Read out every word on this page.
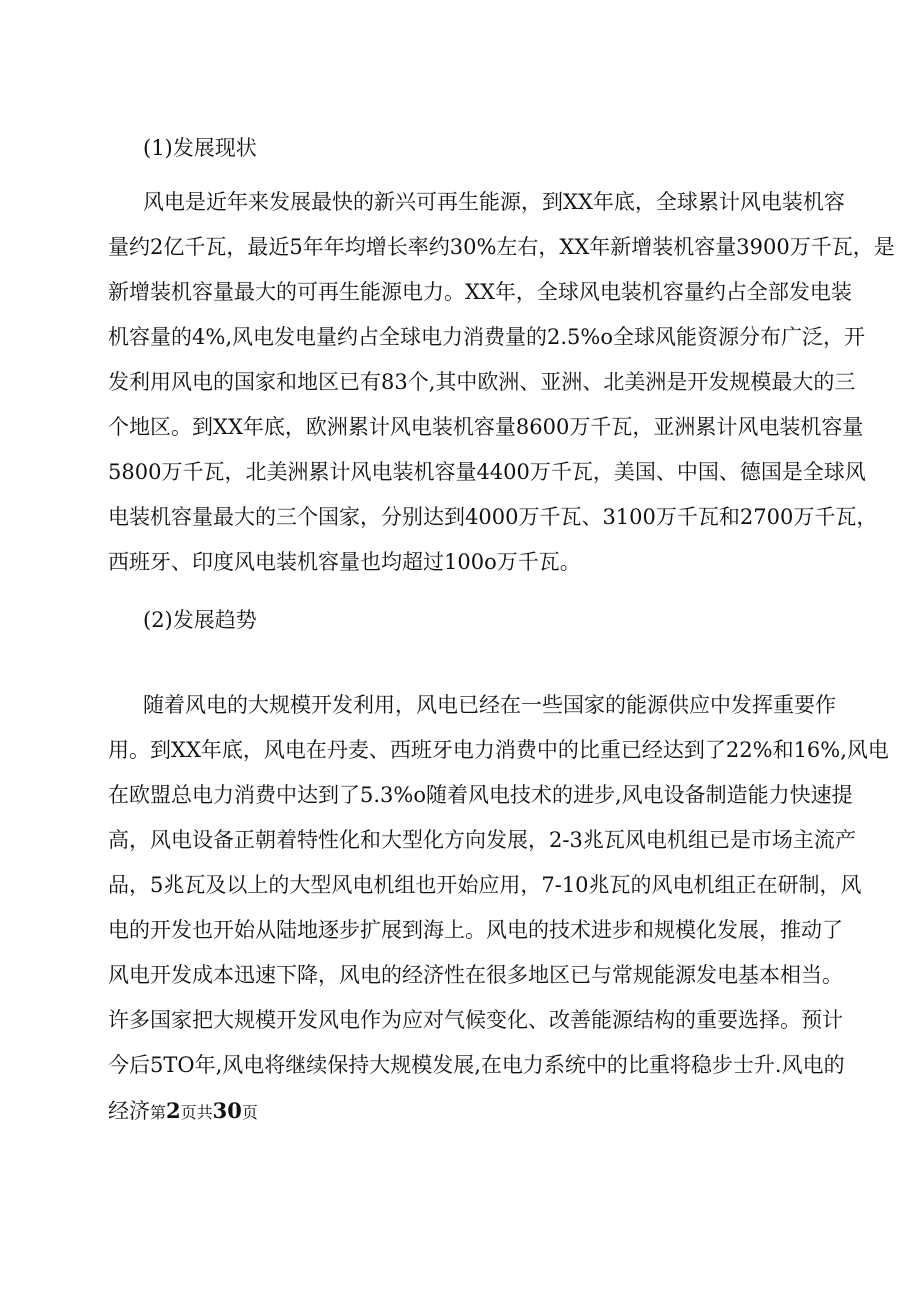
(1)发展现状
风电是近年来发展最快的新兴可再生能源，到XX年底，全球累计风电装机容
量约2亿千瓦，最近5年年均增长率约30%左右，XX年新增装机容量3900万千瓦，是
新增装机容量最大的可再生能源电力。XX年，全球风电装机容量约占全部发电装
机容量的4%,风电发电量约占全球电力消费量的2.5%o全球风能资源分布广泛，开
发利用风电的国家和地区已有83个,其中欧洲、亚洲、北美洲是开发规模最大的三
个地区。到XX年底，欧洲累计风电装机容量8600万千瓦，亚洲累计风电装机容量
5800万千瓦，北美洲累计风电装机容量4400万千瓦，美国、中国、德国是全球风
电装机容量最大的三个国家，分别达到4000万千瓦、3100万千瓦和2700万千瓦，
西班牙、印度风电装机容量也均超过100o万千瓦。
(2)发展趋势
随着风电的大规模开发利用，风电已经在一些国家的能源供应中发挥重要作
用。到XX年底，风电在丹麦、西班牙电力消费中的比重已经达到了22%和16%,风电
在欧盟总电力消费中达到了5.3%o随着风电技术的进步,风电设备制造能力快速提
高，风电设备正朝着特性化和大型化方向发展，2-3兆瓦风电机组已是市场主流产
品，5兆瓦及以上的大型风电机组也开始应用，7-10兆瓦的风电机组正在研制，风
电的开发也开始从陆地逐步扩展到海上。风电的技术进步和规模化发展，推动了
风电开发成本迅速下降，风电的经济性在很多地区已与常规能源发电基本相当。
许多国家把大规模开发风电作为应对气候变化、改善能源结构的重要选择。预计
今后5TO年,风电将继续保持大规模发展,在电力系统中的比重将稳步士升.风电的
经济第2页共30页
